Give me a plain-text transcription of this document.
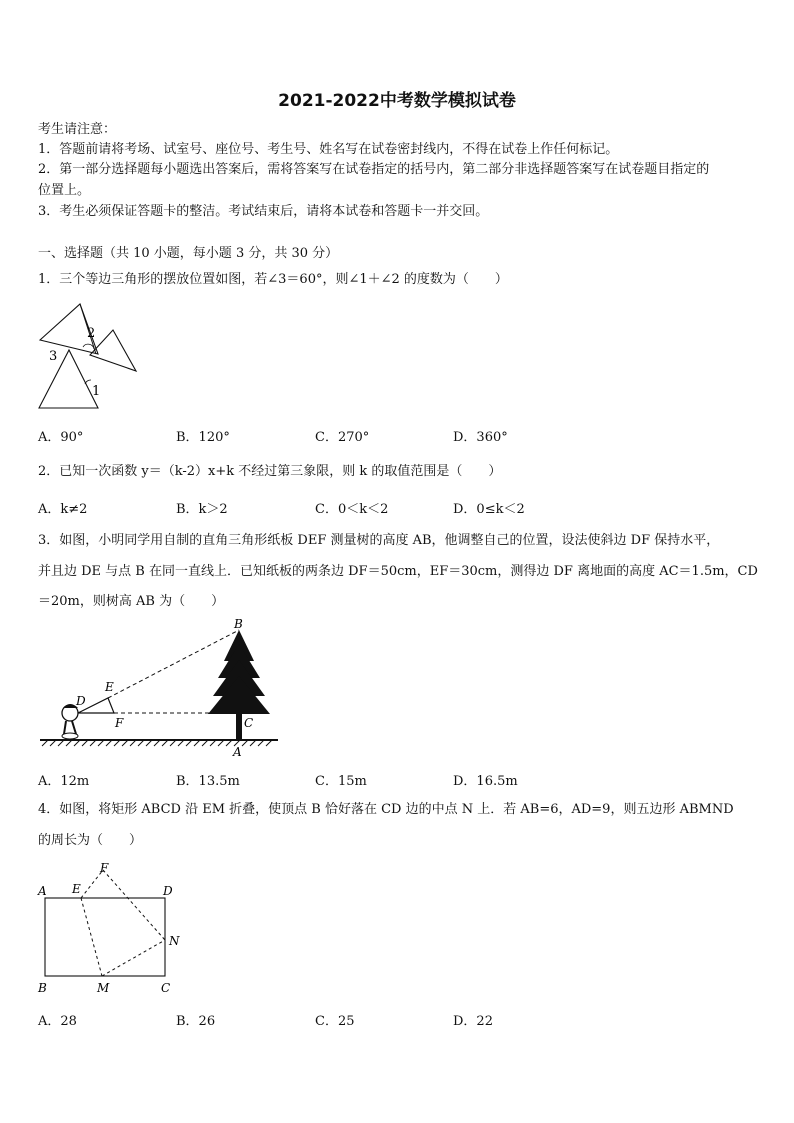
2021-2022中考数学模拟试卷
考生请注意：
1．答题前请将考场、试室号、座位号、考生号、姓名写在试卷密封线内，不得在试卷上作任何标记。
2．第一部分选择题每小题选出答案后，需将答案写在试卷指定的括号内，第二部分非选择题答案写在试卷题目指定的
位置上。
3．考生必须保证答题卡的整洁。考试结束后，请将本试卷和答题卡一并交回。
一、选择题（共 10 小题，每小题 3 分，共 30 分）
1．三个等边三角形的摆放位置如图，若∠3＝60°，则∠1＋∠2 的度数为（　　）
2
3
1
A．90°	B．120°	C．270°	D．360°
2．已知一次函数 y＝（k-2）x+k 不经过第三象限，则 k 的取值范围是（　　）
A．k≠2	B．k＞2	C．0＜k＜2	D．0≤k＜2
3．如图，小明同学用自制的直角三角形纸板 DEF 测量树的高度 AB，他调整自己的位置，设法使斜边 DF 保持水平，
并且边 DE 与点 B 在同一直线上．已知纸板的两条边 DF＝50cm，EF＝30cm，测得边 DF 离地面的高度 AC＝1.5m，CD
＝20m，则树高 AB 为（　　）
B
D
E
F	C
A
A．12m	B．13.5m	C．15m	D．16.5m
4．如图，将矩形 ABCD 沿 EM 折叠，使顶点 B 恰好落在 CD 边的中点 N 上．若 AB=6，AD=9，则五边形 ABMND
的周长为（　　）
A E
F
D
N
B	M	C
A．28	B．26	C．25	D．22
